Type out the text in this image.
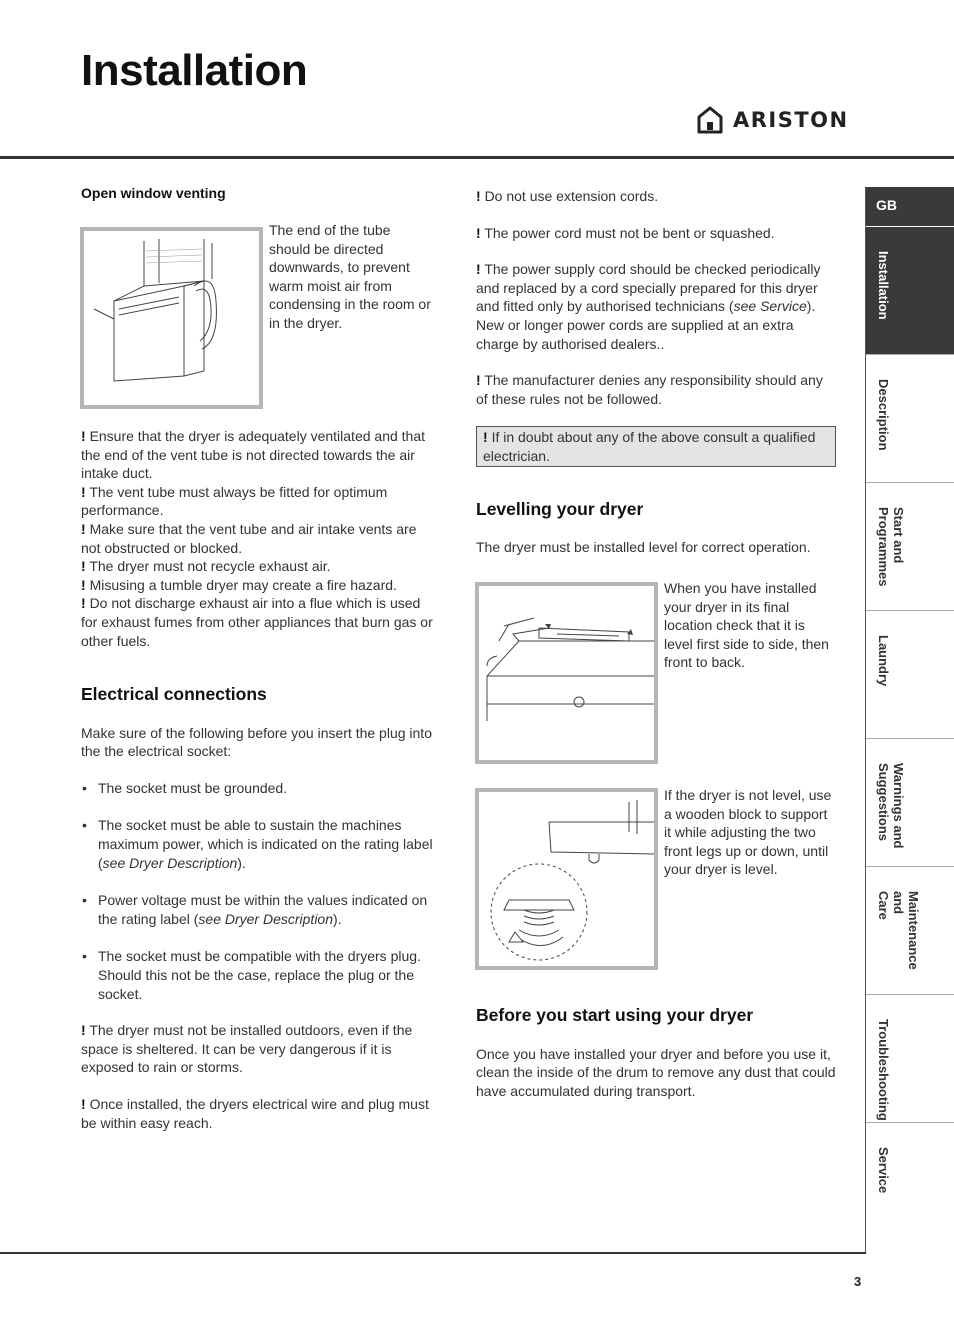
Installation
ARISTON

Open window venting

The end of the tube should be directed downwards, to prevent warm moist air from condensing in the room or in the dryer.

! Ensure that the dryer is adequately ventilated and that the end of the vent tube is not directed towards the air intake duct.

! The vent tube must always be fitted for optimum performance.

! Make sure that the vent tube and air intake vents are not obstructed or blocked.

! The dryer must not recycle exhaust air.

! Misusing a tumble dryer may create a fire hazard.

! Do not discharge exhaust air into a flue which is used for exhaust fumes from other appliances that burn gas or other fuels.

Electrical connections

Make sure of the following before you insert the plug into the the electrical socket:

• The socket must be grounded.
• The socket must be able to sustain the machines maximum power, which is indicated on the rating label (see Dryer Description).
• Power voltage must be within the values indicated on the rating label (see Dryer Description).
• The socket must be compatible with the dryers plug. Should this not be the case, replace the plug or the socket.

! The dryer must not be installed outdoors, even if the space is sheltered. It can be very dangerous if it is exposed to rain or storms.

! Once installed, the dryers electrical wire and plug must be within easy reach.

! Do not use extension cords.

! The power cord must not be bent or squashed.

! The power supply cord should be checked periodically and replaced by a cord specially prepared for this dryer and fitted only by authorised technicians (see Service). New or longer power cords are supplied at an extra charge by authorised dealers..

! The manufacturer denies any responsibility should any of these rules not be followed.

! If in doubt about any of the above consult a qualified electrician.
Levelling your dryer

The dryer must be installed level for correct operation.

When you have installed your dryer in its final location check that it is level first side to side, then front to back.
If the dryer is not level, use a wooden block to support it while adjusting the two front legs up or down, until your dryer is level.
Before you start using your dryer

Once you have installed your dryer and before you use it, clean the inside of the drum to remove any dust that could have accumulated during transport.

GB
Installation
Description
Start and
Programmes
Laundry
Warnings and
Suggestions
Maintenance and
Care
Troubleshooting
Service
3
